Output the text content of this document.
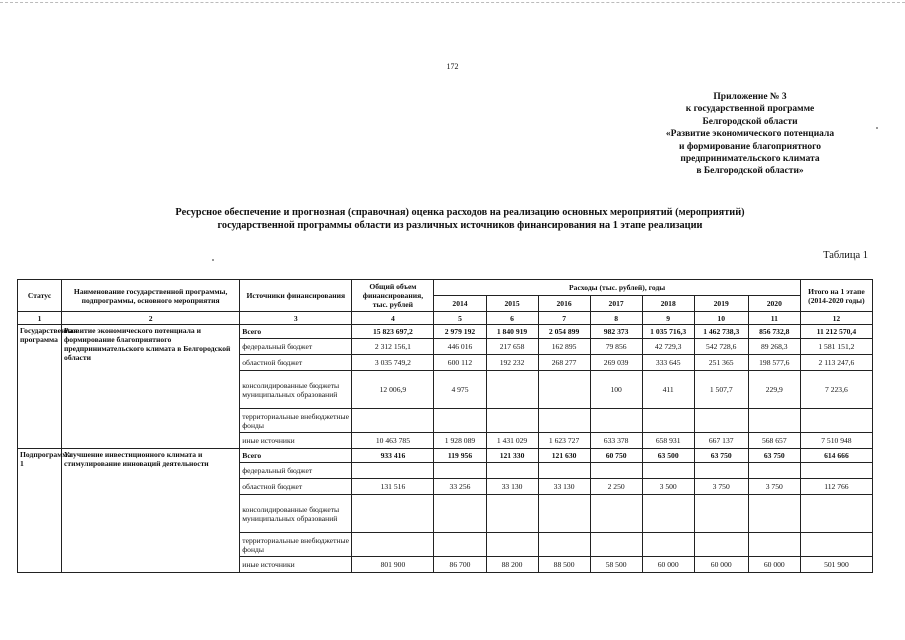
172
Приложение № 3
к государственной программе
Белгородской области
«Развитие экономического потенциала
и формирование благоприятного
предпринимательского климата
в Белгородской области»
Ресурсное обеспечение и прогнозная (справочная) оценка расходов на реализацию основных мероприятий (мероприятий)
государственной программы области из различных источников финансирования на 1 этапе реализации
Таблица 1
Статус	Наименование государственной программы, подпрограммы, основного мероприятия	Источники финансирования	Общий объем финансирования, тыс. рублей	Расходы (тыс. рублей), годы							Итого на 1 этапе (2014-2020 годы)
				2014	2015	2016	2017	2018	2019	2020	
1	2	3	4	5	6	7	8	9	10	11	12
Государственная программа	Развитие экономического потенциала и формирование благоприятного предпринимательского климата в Белгородской области	Всего	15 823 697,2	2 979 192	1 840 919	2 054 899	982 373	1 035 716,3	1 462 738,3	856 732,8	11 212 570,4
		федеральный бюджет	2 312 156,1	446 016	217 658	162 895	79 856	42 729,3	542 728,6	89 268,3	1 581 151,2
		областной бюджет	3 035 749,2	600 112	192 232	268 277	269 039	333 645	251 365	198 577,6	2 113 247,6
		консолидированные бюджеты муниципальных образований	12 006,9	4 975			100	411	1 507,7	229,9	7 223,6
		территориальные внебюджетные фонды									
		иные источники	10 463 785	1 928 089	1 431 029	1 623 727	633 378	658 931	667 137	568 657	7 510 948
Подпрограмма 1	Улучшение инвестиционного климата и стимулирование инноваций деятельности	Всего	933 416	119 956	121 330	121 630	60 750	63 500	63 750	63 750	614 666
		федеральный бюджет									
		областной бюджет	131 516	33 256	33 130	33 130	2 250	3 500	3 750	3 750	112 766
		консолидированные бюджеты муниципальных образований									
		территориальные внебюджетные фонды									
		иные источники	801 900	86 700	88 200	88 500	58 500	60 000	60 000	60 000	501 900
